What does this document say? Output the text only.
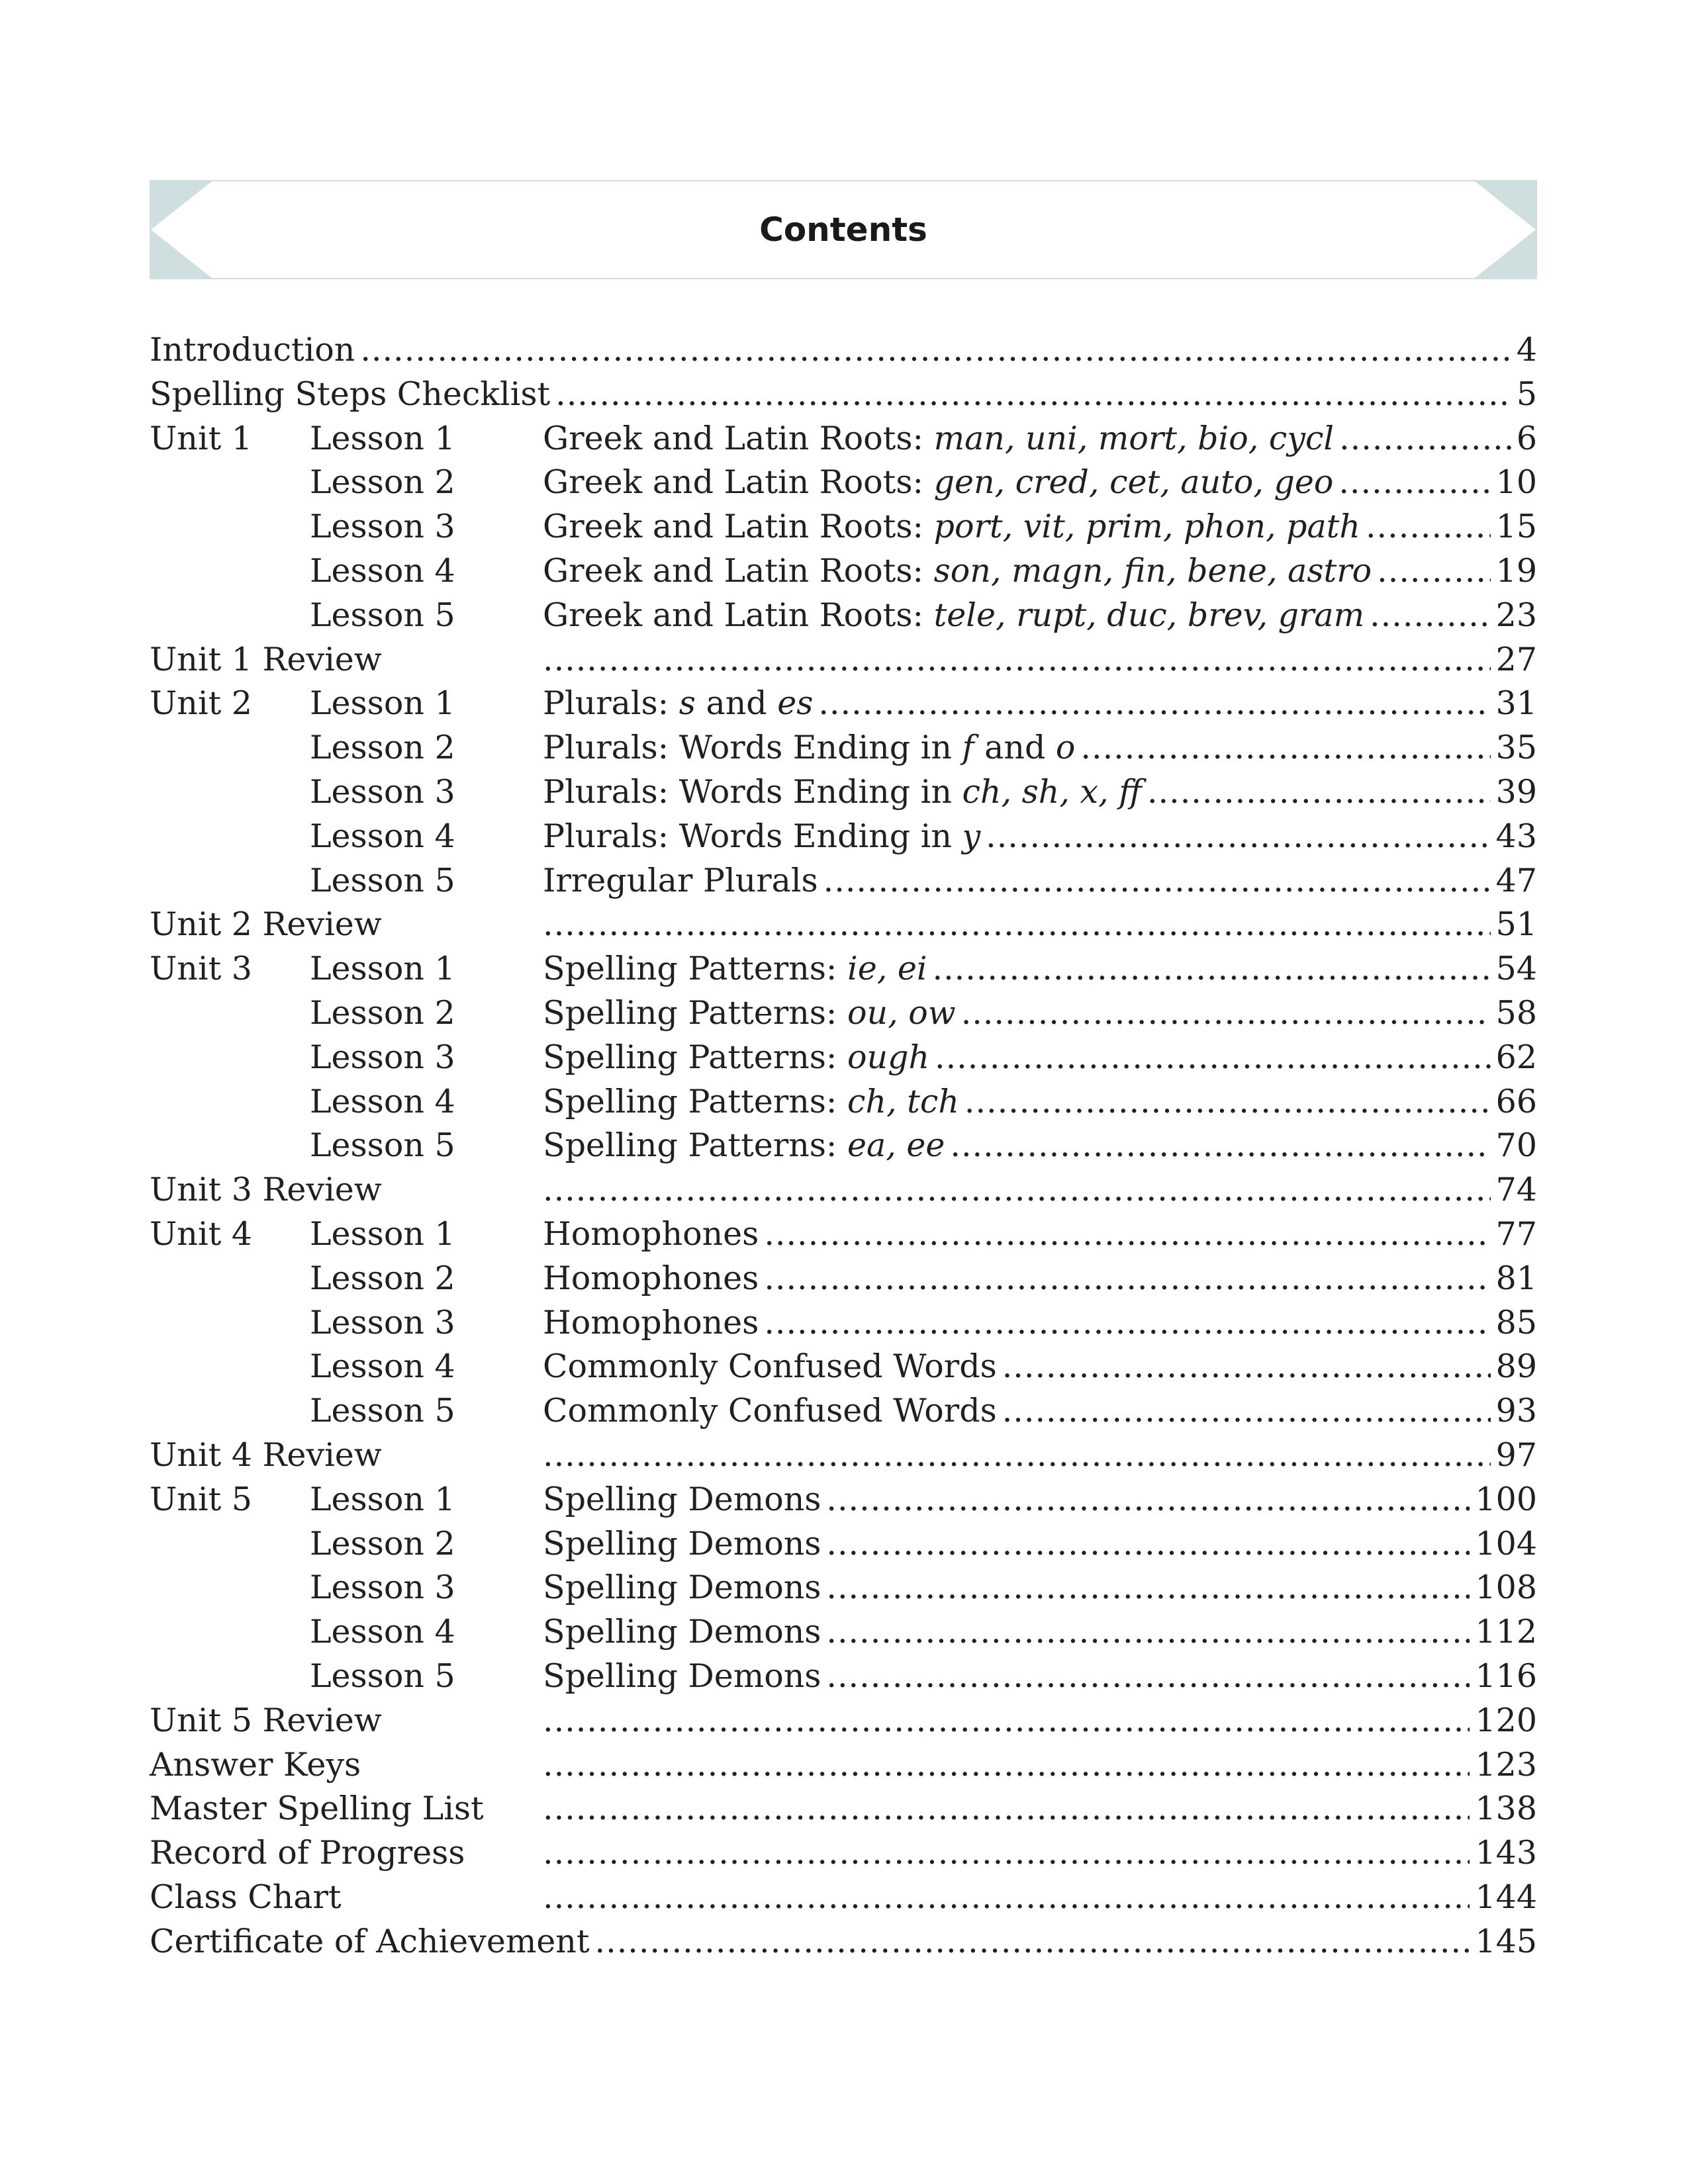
Contents
Introduction .....	4
Spelling Steps Checklist .....	5
Unit 1	Lesson 1	Greek and Latin Roots: man, uni, mort, bio, cycl .....	6
Lesson 2	Greek and Latin Roots: gen, cred, cet, auto, geo .....	10
Lesson 3	Greek and Latin Roots: port, vit, prim, phon, path .....	15
Lesson 4	Greek and Latin Roots: son, magn, fin, bene, astro .....	19
Lesson 5	Greek and Latin Roots: tele, rupt, duc, brev, gram .....	23
Unit 1 Review .....	27
Unit 2	Lesson 1	Plurals: s and es .....	31
Lesson 2	Plurals: Words Ending in f and o .....	35
Lesson 3	Plurals: Words Ending in ch, sh, x, ff .....	39
Lesson 4	Plurals: Words Ending in y .....	43
Lesson 5	Irregular Plurals .....	47
Unit 2 Review .....	51
Unit 3	Lesson 1	Spelling Patterns: ie, ei .....	54
Lesson 2	Spelling Patterns: ou, ow .....	58
Lesson 3	Spelling Patterns: ough .....	62
Lesson 4	Spelling Patterns: ch, tch .....	66
Lesson 5	Spelling Patterns: ea, ee .....	70
Unit 3 Review .....	74
Unit 4	Lesson 1	Homophones .....	77
Lesson 2	Homophones .....	81
Lesson 3	Homophones .....	85
Lesson 4	Commonly Confused Words .....	89
Lesson 5	Commonly Confused Words .....	93
Unit 4 Review .....	97
Unit 5	Lesson 1	Spelling Demons .....	100
Lesson 2	Spelling Demons .....	104
Lesson 3	Spelling Demons .....	108
Lesson 4	Spelling Demons .....	112
Lesson 5	Spelling Demons .....	116
Unit 5 Review .....	120
Answer Keys .....	123
Master Spelling List .....	138
Record of Progress .....	143
Class Chart .....	144
Certificate of Achievement .....	145
